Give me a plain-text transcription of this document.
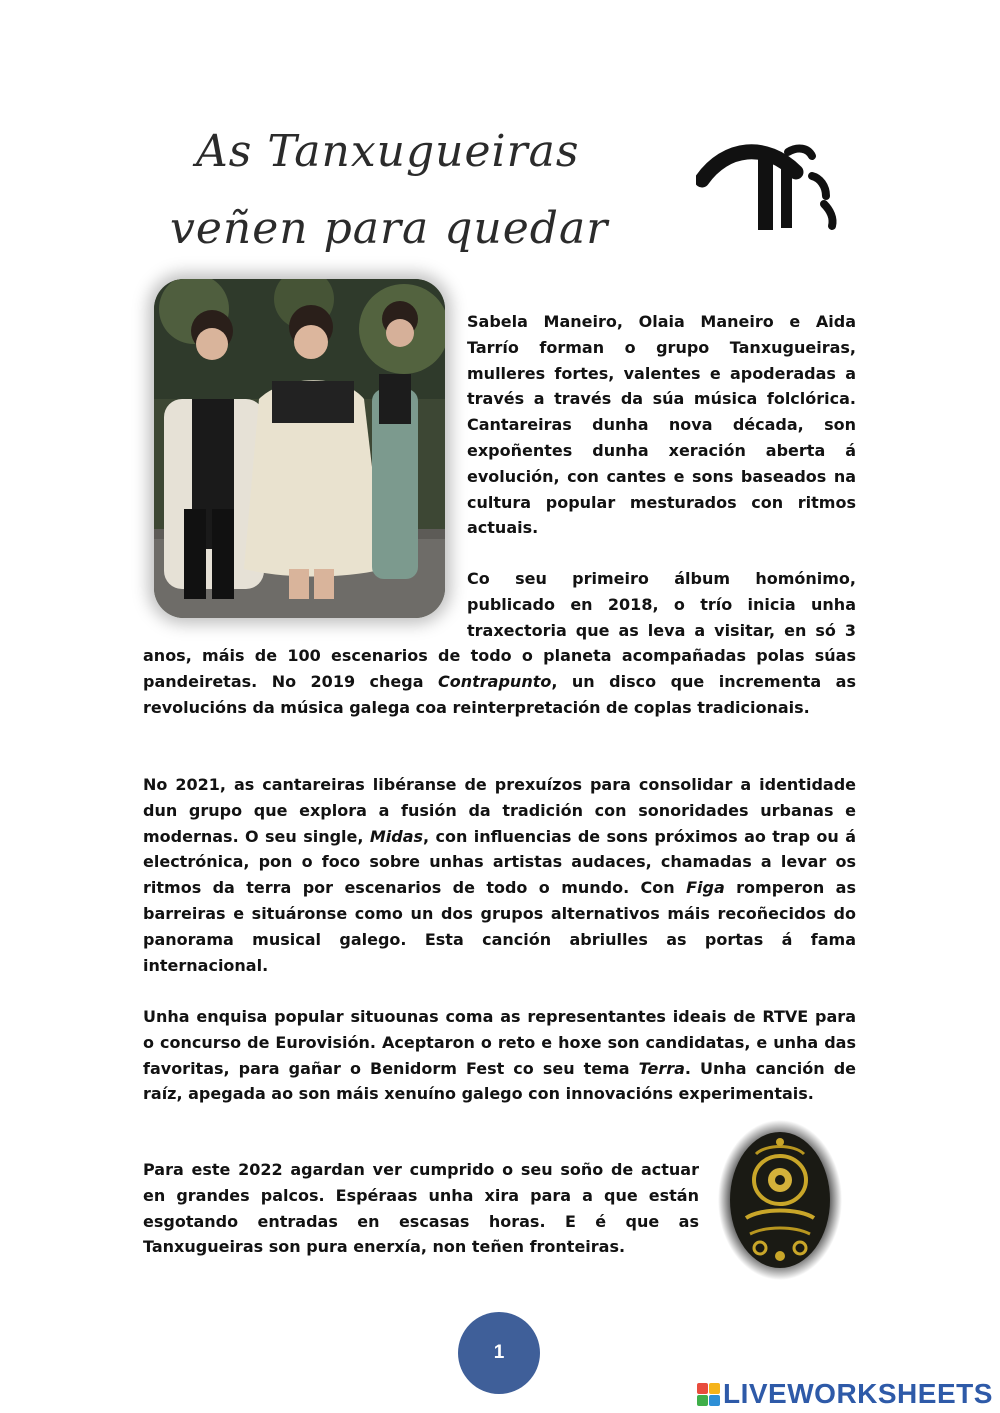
As Tanxugueiras
veñen para quedar

Sabela Maneiro, Olaia Maneiro e Aida Tarrío forman o grupo Tanxugueiras, mulleres fortes, valentes e apoderadas a través a través da súa música folclórica. Cantareiras dunha nova década, son expoñentes dunha xeración aberta á evolución, con cantes e sons baseados na cultura popular mesturados con ritmos actuais.

Co seu primeiro álbum homónimo, publicado en 2018, o trío inicia unha traxectoria que as leva a visitar, en só 3 anos, máis de 100 escenarios de todo o planeta acompañadas polas súas pandeiretas. No 2019 chega Contrapunto, un disco que incrementa as revolucións da música galega coa reinterpretación de coplas tradicionais.

No 2021, as cantareiras libéranse de prexuízos para consolidar a identidade dun grupo que explora a fusión da tradición con sonoridades urbanas e modernas. O seu single, Midas, con influencias de sons próximos ao trap ou á electrónica, pon o foco sobre unhas artistas audaces, chamadas a levar os ritmos da terra por escenarios de todo o mundo. Con Figa romperon as barreiras e situáronse como un dos grupos alternativos máis recoñecidos do panorama musical galego. Esta canción abriulles as portas á fama internacional.

Unha enquisa popular situounas coma as representantes ideais de RTVE para o concurso de Eurovisión. Aceptaron o reto e hoxe son candidatas, e unha das favoritas, para gañar o Benidorm Fest co seu tema Terra. Unha canción de raíz, apegada ao son máis xenuíno galego con innovacións experimentais.

Para este 2022 agardan ver cumprido o seu soño de actuar en grandes palcos. Espéraas unha xira para a que están esgotando entradas en escasas horas. E é que as Tanxugueiras son pura enerxía, non teñen fronteiras.

1
LIVEWORKSHEETS
